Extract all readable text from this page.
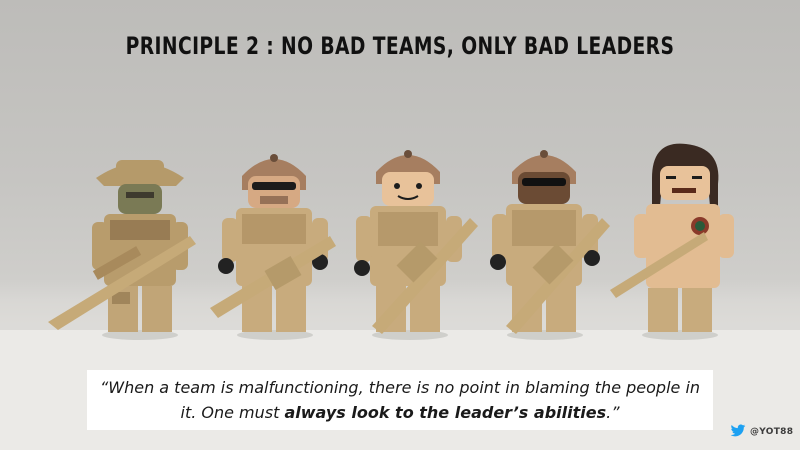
PRINCIPLE 2 : NO BAD TEAMS, ONLY BAD LEADERS
“When a team is malfunctioning, there is no point in blaming the people in it. One must always look to the leader’s abilities.”
@YOT88
